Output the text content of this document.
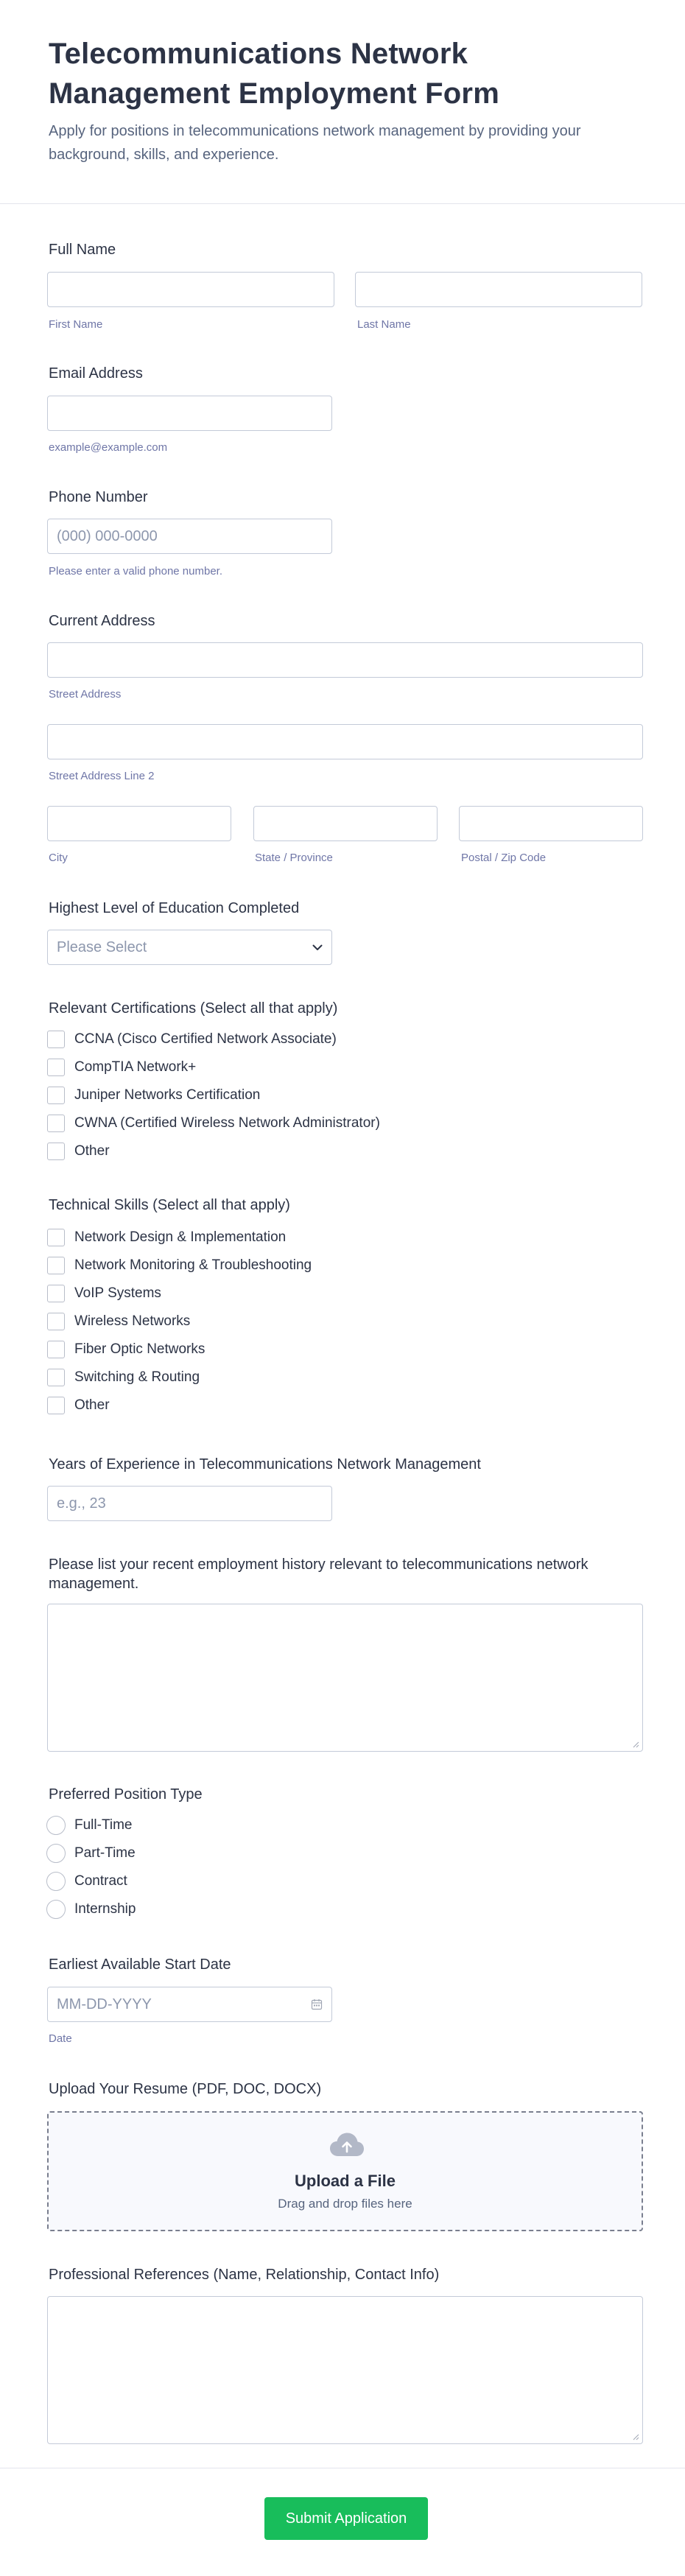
Telecommunications Network Management Employment Form
Apply for positions in telecommunications network management by providing your background, skills, and experience.
Full Name
First Name	Last Name
Email Address
example@example.com
Phone Number
(000) 000-0000
Please enter a valid phone number.
Current Address
Street Address
Street Address Line 2
City	State / Province	Postal / Zip Code
Highest Level of Education Completed
Please Select
Relevant Certifications (Select all that apply)
CCNA (Cisco Certified Network Associate)
CompTIA Network+
Juniper Networks Certification
CWNA (Certified Wireless Network Administrator)
Other
Technical Skills (Select all that apply)
Network Design & Implementation
Network Monitoring & Troubleshooting
VoIP Systems
Wireless Networks
Fiber Optic Networks
Switching & Routing
Other
Years of Experience in Telecommunications Network Management
e.g., 23
Please list your recent employment history relevant to telecommunications network management.
Preferred Position Type
Full-Time
Part-Time
Contract
Internship
Earliest Available Start Date
MM-DD-YYYY
Date
Upload Your Resume (PDF, DOC, DOCX)
Upload a File
Drag and drop files here
Professional References (Name, Relationship, Contact Info)
Submit Application
